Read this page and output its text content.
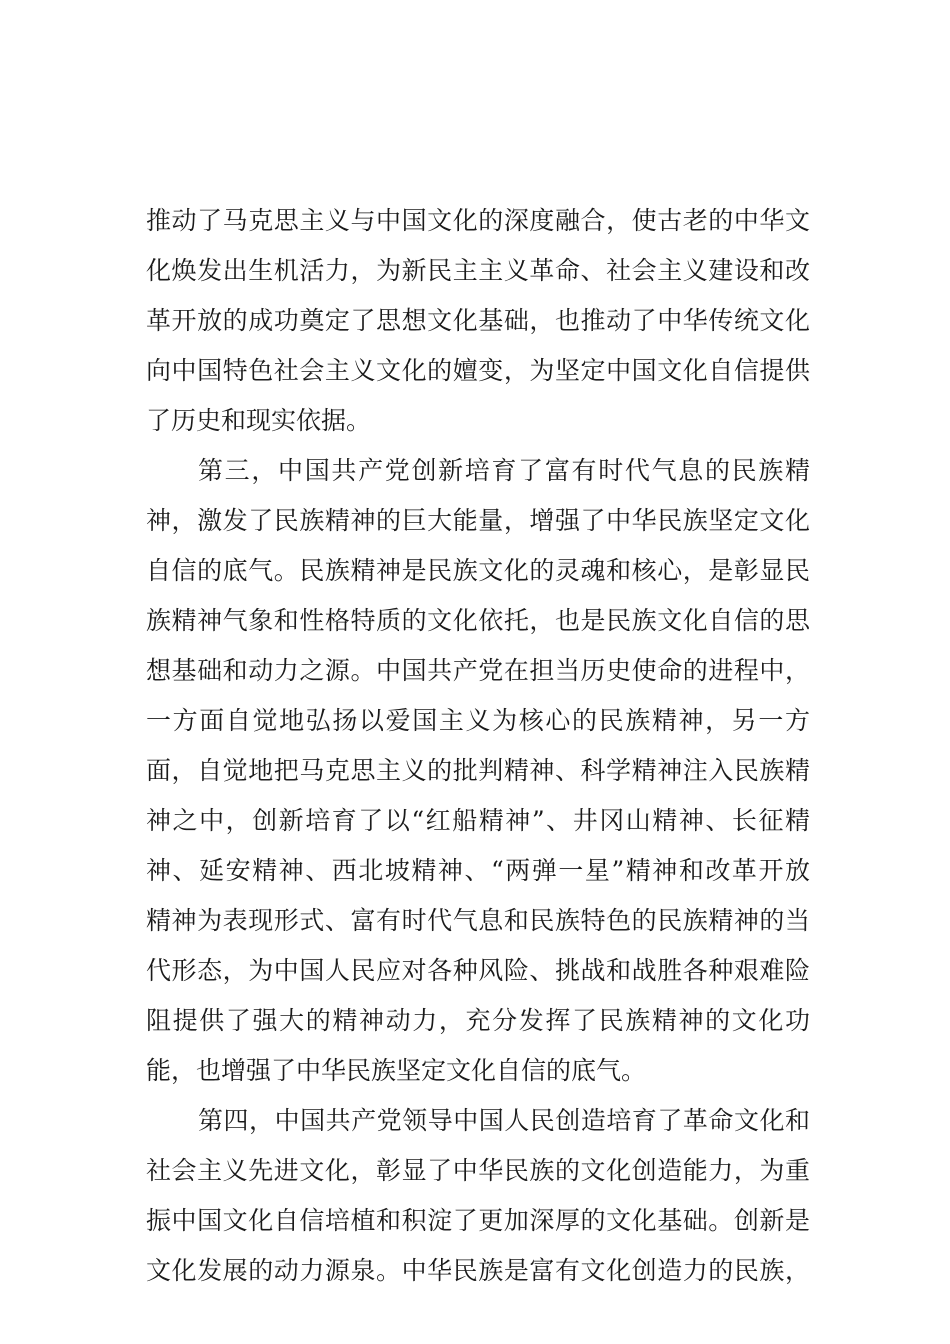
推动了马克思主义与中国文化的深度融合，使古老的中华文
化焕发出生机活力，为新民主主义革命、社会主义建设和改
革开放的成功奠定了思想文化基础，也推动了中华传统文化
向中国特色社会主义文化的嬗变，为坚定中国文化自信提供
了历史和现实依据。
第三，中国共产党创新培育了富有时代气息的民族精
神，激发了民族精神的巨大能量，增强了中华民族坚定文化
自信的底气。民族精神是民族文化的灵魂和核心，是彰显民
族精神气象和性格特质的文化依托，也是民族文化自信的思
想基础和动力之源。中国共产党在担当历史使命的进程中，
一方面自觉地弘扬以爱国主义为核心的民族精神，另一方
面，自觉地把马克思主义的批判精神、科学精神注入民族精
神之中，创新培育了以“红船精神”、井冈山精神、长征精
神、延安精神、西北坡精神、“两弹一星”精神和改革开放
精神为表现形式、富有时代气息和民族特色的民族精神的当
代形态，为中国人民应对各种风险、挑战和战胜各种艰难险
阻提供了强大的精神动力，充分发挥了民族精神的文化功
能，也增强了中华民族坚定文化自信的底气。
第四，中国共产党领导中国人民创造培育了革命文化和
社会主义先进文化，彰显了中华民族的文化创造能力，为重
振中国文化自信培植和积淀了更加深厚的文化基础。创新是
文化发展的动力源泉。中华民族是富有文化创造力的民族，
